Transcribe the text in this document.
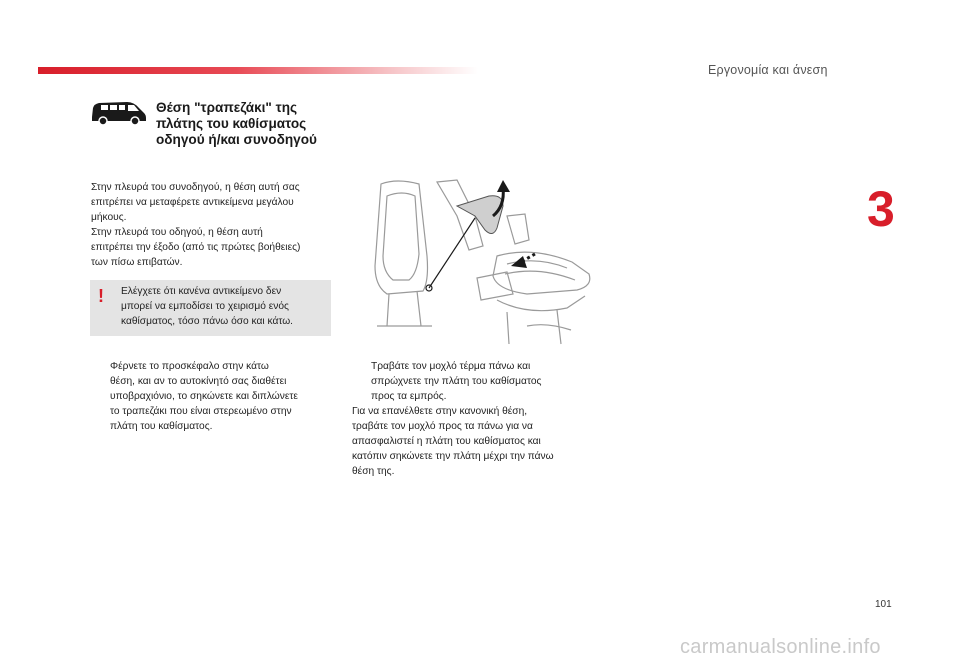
Εργονομία και άνεση
3
Θέση "τραπεζάκι" της
πλάτης του καθίσματος
οδηγού ή/και συνοδηγού

Στην πλευρά του συνοδηγού, η θέση αυτή σας

επιτρέπει να μεταφέρετε αντικείμενα μεγάλου

μήκους.

Στην πλευρά του οδηγού, η θέση αυτή

επιτρέπει την έξοδο (από τις πρώτες βοήθειες)

των πίσω επιβατών.

! Ελέγχετε ότι κανένα αντικείμενο δεν
μπορεί να εμποδίσει το χειρισμό ενός
καθίσματος, τόσο πάνω όσο και κάτω.
Φέρνετε το προσκέφαλο στην κάτω
θέση, και αν το αυτοκίνητό σας διαθέτει
υποβραχιόνιο, το σηκώνετε και διπλώνετε
το τραπεζάκι που είναι στερεωμένο στην
πλάτη του καθίσματος.
Τραβάτε τον μοχλό τέρμα πάνω και
σπρώχνετε την πλάτη του καθίσματος
προς τα εμπρός.
Για να επανέλθετε στην κανονική θέση,
τραβάτε τον μοχλό προς τα πάνω για να
απασφαλιστεί η πλάτη του καθίσματος και
κατόπιν σηκώνετε την πλάτη μέχρι την πάνω
θέση της.
101
carmanualsonline.info
